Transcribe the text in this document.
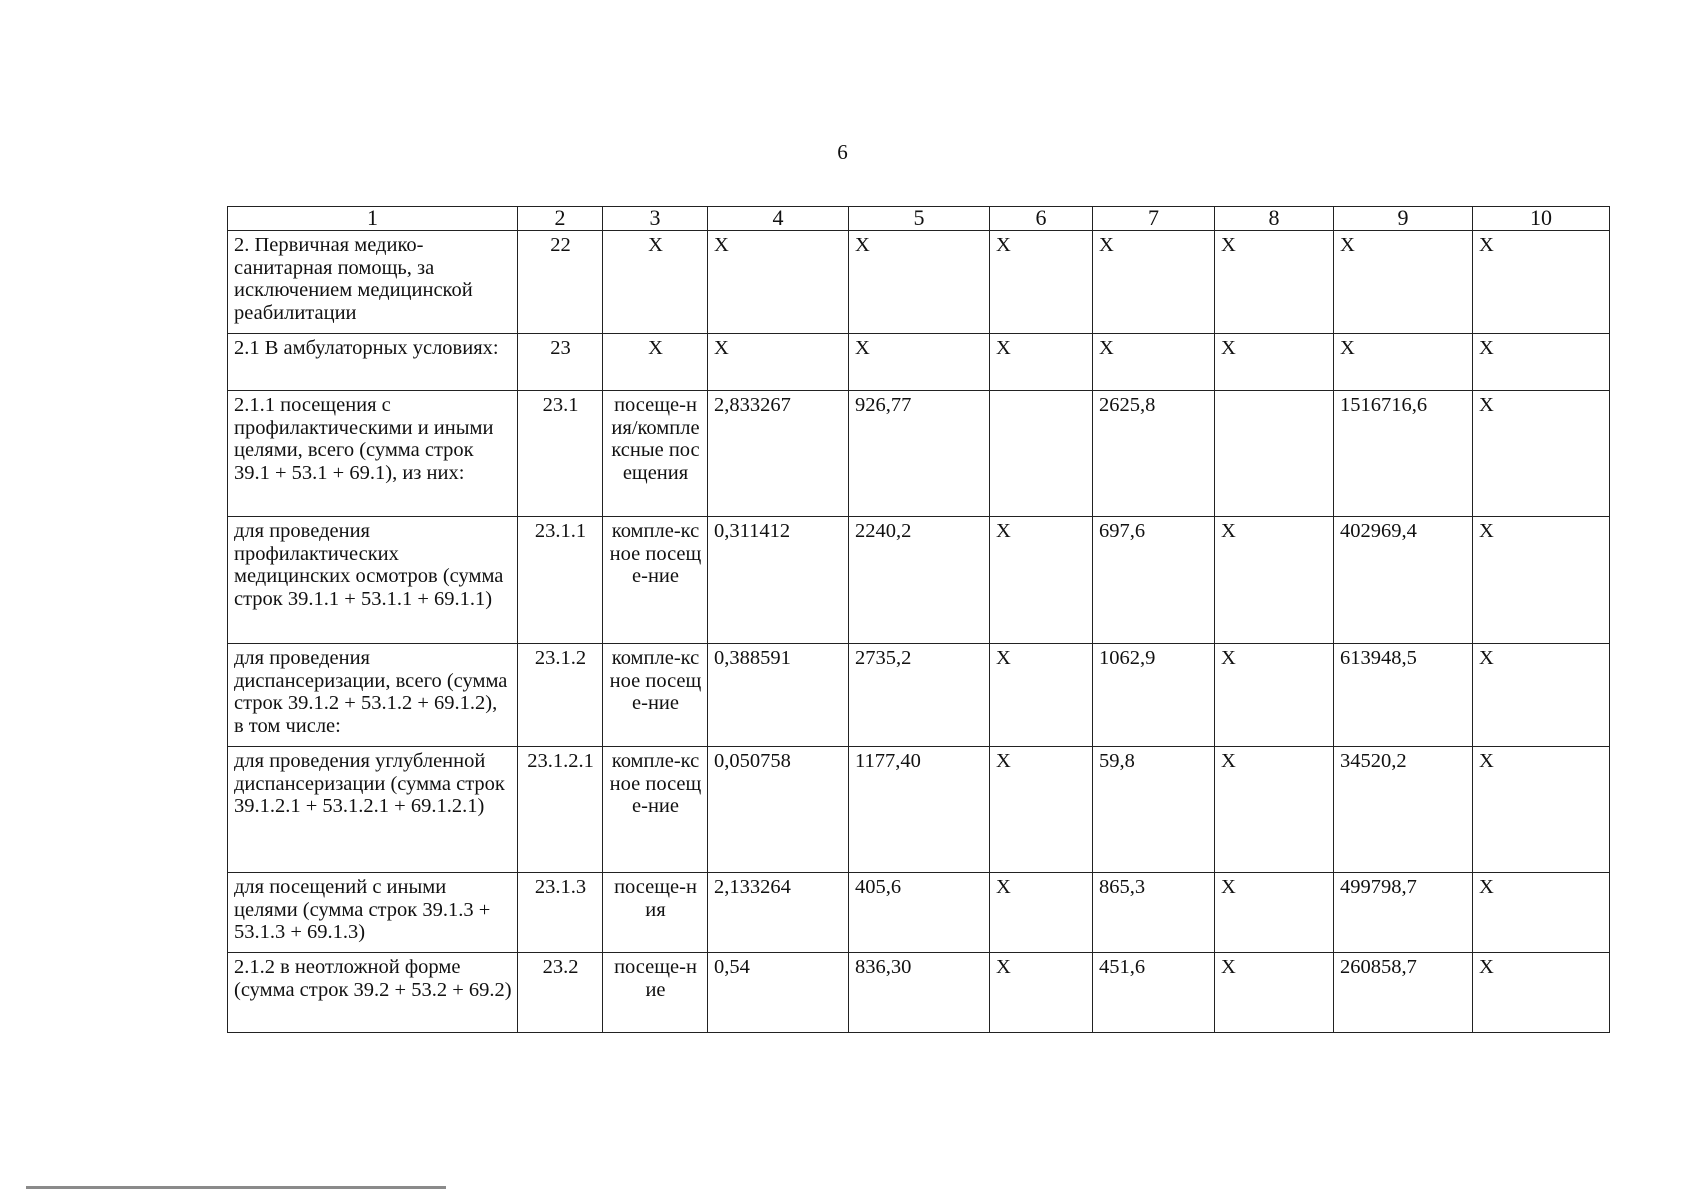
6
1	2	3	4	5	6	7	8	9	10
2. Первичная медико-санитарная помощь, за исключением медицинской реабилитации	22	Х	Х	Х	Х	Х	Х	Х	Х
2.1 В амбулаторных условиях:	23	Х	Х	Х	Х	Х	Х	Х	Х
2.1.1 посещения с профилактическими и иными целями, всего (сумма строк 39.1 + 53.1 + 69.1), из них:	23.1	посеще-ния/комплексные посещения	2,833267	926,77		2625,8		1516716,6	Х
для проведения профилактических медицинских осмотров (сумма строк 39.1.1 + 53.1.1 + 69.1.1)	23.1.1	компле-ксное посеще-ние	0,311412	2240,2	Х	697,6	Х	402969,4	Х
для проведения диспансеризации, всего (сумма строк 39.1.2 + 53.1.2 + 69.1.2), в том числе:	23.1.2	компле-ксное посеще-ние	0,388591	2735,2	Х	1062,9	Х	613948,5	Х
для проведения углубленной диспансеризации (сумма строк 39.1.2.1 + 53.1.2.1 + 69.1.2.1)	23.1.2.1	компле-ксное посеще-ние	0,050758	1177,40	Х	59,8	Х	34520,2	Х
для посещений с иными целями (сумма строк 39.1.3 + 53.1.3 + 69.1.3)	23.1.3	посеще-ния	2,133264	405,6	Х	865,3	Х	499798,7	Х
2.1.2 в неотложной форме (сумма строк 39.2 + 53.2 + 69.2)	23.2	посеще-ние	0,54	836,30	Х	451,6	Х	260858,7	Х
